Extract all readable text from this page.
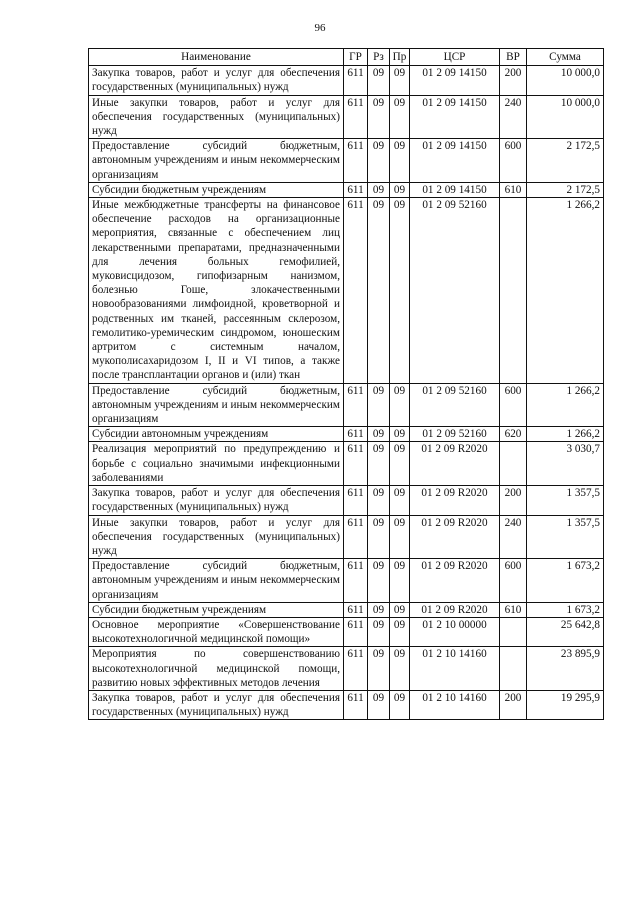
96
Наименование	ГР	Рз	Пр	ЦСР	ВР	Сумма
Закупка товаров, работ и услуг для обеспечения государственных (муниципальных) нужд	611	09	09	01 2 09 14150	200	10 000,0
Иные закупки товаров, работ и услуг для обеспечения государственных (муниципальных) нужд	611	09	09	01 2 09 14150	240	10 000,0
Предоставление субсидий бюджетным, автономным учреждениям и иным некоммерческим организациям	611	09	09	01 2 09 14150	600	2 172,5
Субсидии бюджетным учреждениям	611	09	09	01 2 09 14150	610	2 172,5
Иные межбюджетные трансферты на финансовое обеспечение расходов на организационные мероприятия, связанные с обеспечением лиц лекарственными препаратами, предназначенными для лечения больных гемофилией, муковисцидозом, гипофизарным нанизмом, болезнью Гоше, злокачественными новообразованиями лимфоидной, кроветворной и родственных им тканей, рассеянным склерозом, гемолитико-уремическим синдромом, юношеским артритом с системным началом, мукополисахаридозом I, II и VI типов, а также после трансплантации органов и (или) ткан	611	09	09	01 2 09 52160		1 266,2
Предоставление субсидий бюджетным, автономным учреждениям и иным некоммерческим организациям	611	09	09	01 2 09 52160	600	1 266,2
Субсидии автономным учреждениям	611	09	09	01 2 09 52160	620	1 266,2
Реализация мероприятий по предупреждению и борьбе с социально значимыми инфекционными заболеваниями	611	09	09	01 2 09 R2020		3 030,7
Закупка товаров, работ и услуг для обеспечения государственных (муниципальных) нужд	611	09	09	01 2 09 R2020	200	1 357,5
Иные закупки товаров, работ и услуг для обеспечения государственных (муниципальных) нужд	611	09	09	01 2 09 R2020	240	1 357,5
Предоставление субсидий бюджетным, автономным учреждениям и иным некоммерческим организациям	611	09	09	01 2 09 R2020	600	1 673,2
Субсидии бюджетным учреждениям	611	09	09	01 2 09 R2020	610	1 673,2
Основное мероприятие «Совершенствование высокотехнологичной медицинской помощи»	611	09	09	01 2 10 00000		25 642,8
Мероприятия по совершенствованию высокотехнологичной медицинской помощи, развитию новых эффективных методов лечения	611	09	09	01 2 10 14160		23 895,9
Закупка товаров, работ и услуг для обеспечения государственных (муниципальных) нужд	611	09	09	01 2 10 14160	200	19 295,9
